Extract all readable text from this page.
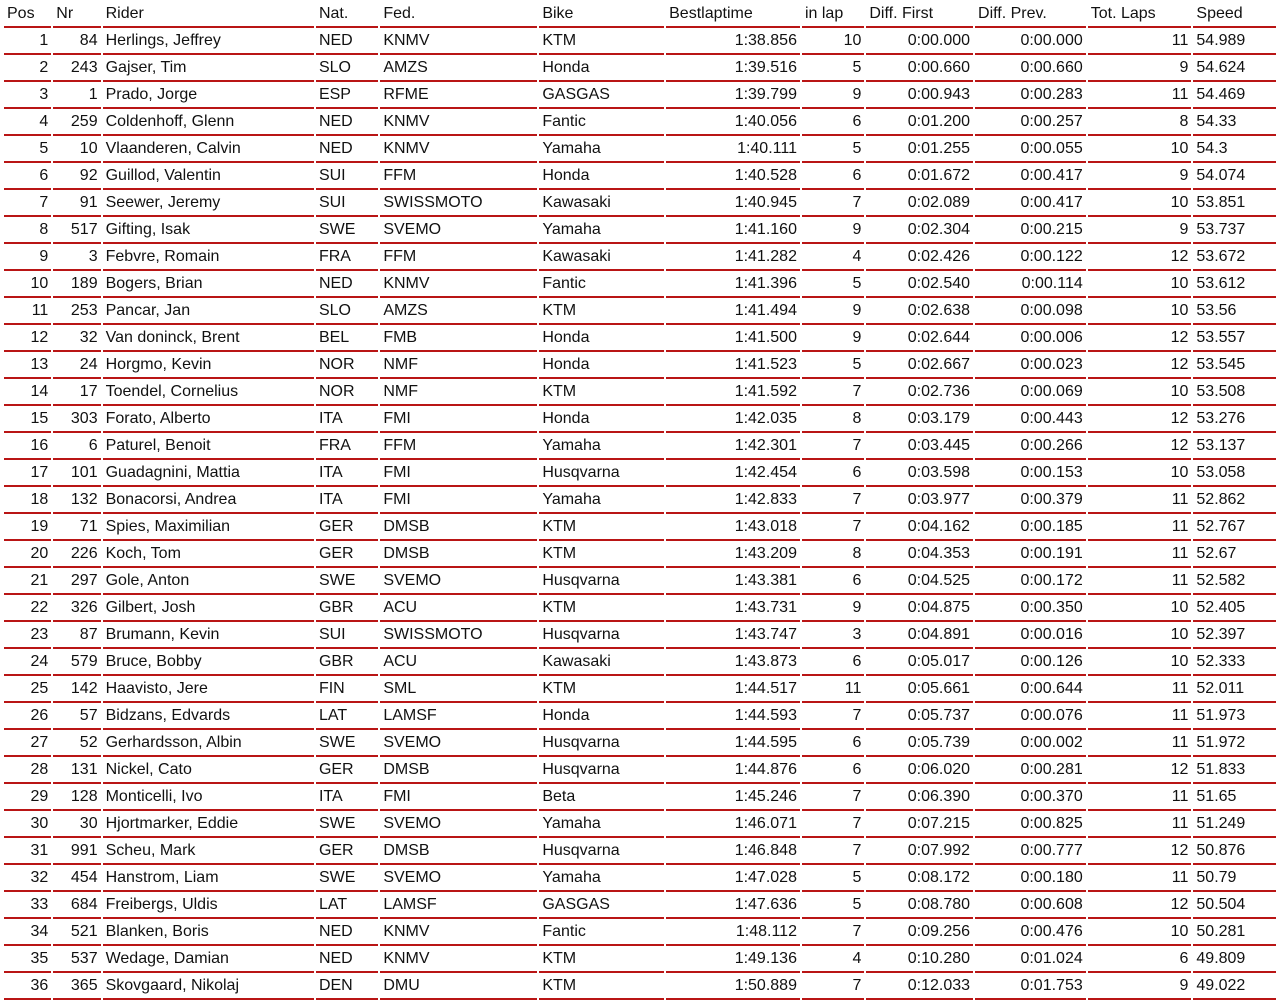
Pos	Nr	Rider	Nat.	Fed.	Bike	Bestlaptime	in lap	Diff. First	Diff. Prev.	Tot. Laps	Speed
1	84	Herlings, Jeffrey	NED	KNMV	KTM	1:38.856	10	0:00.000	0:00.000	11	54.989
2	243	Gajser, Tim	SLO	AMZS	Honda	1:39.516	5	0:00.660	0:00.660	9	54.624
3	1	Prado, Jorge	ESP	RFME	GASGAS	1:39.799	9	0:00.943	0:00.283	11	54.469
4	259	Coldenhoff, Glenn	NED	KNMV	Fantic	1:40.056	6	0:01.200	0:00.257	8	54.33
5	10	Vlaanderen, Calvin	NED	KNMV	Yamaha	1:40.111	5	0:01.255	0:00.055	10	54.3
6	92	Guillod, Valentin	SUI	FFM	Honda	1:40.528	6	0:01.672	0:00.417	9	54.074
7	91	Seewer, Jeremy	SUI	SWISSMOTO	Kawasaki	1:40.945	7	0:02.089	0:00.417	10	53.851
8	517	Gifting, Isak	SWE	SVEMO	Yamaha	1:41.160	9	0:02.304	0:00.215	9	53.737
9	3	Febvre, Romain	FRA	FFM	Kawasaki	1:41.282	4	0:02.426	0:00.122	12	53.672
10	189	Bogers, Brian	NED	KNMV	Fantic	1:41.396	5	0:02.540	0:00.114	10	53.612
11	253	Pancar, Jan	SLO	AMZS	KTM	1:41.494	9	0:02.638	0:00.098	10	53.56
12	32	Van doninck, Brent	BEL	FMB	Honda	1:41.500	9	0:02.644	0:00.006	12	53.557
13	24	Horgmo, Kevin	NOR	NMF	Honda	1:41.523	5	0:02.667	0:00.023	12	53.545
14	17	Toendel, Cornelius	NOR	NMF	KTM	1:41.592	7	0:02.736	0:00.069	10	53.508
15	303	Forato, Alberto	ITA	FMI	Honda	1:42.035	8	0:03.179	0:00.443	12	53.276
16	6	Paturel, Benoit	FRA	FFM	Yamaha	1:42.301	7	0:03.445	0:00.266	12	53.137
17	101	Guadagnini, Mattia	ITA	FMI	Husqvarna	1:42.454	6	0:03.598	0:00.153	10	53.058
18	132	Bonacorsi, Andrea	ITA	FMI	Yamaha	1:42.833	7	0:03.977	0:00.379	11	52.862
19	71	Spies, Maximilian	GER	DMSB	KTM	1:43.018	7	0:04.162	0:00.185	11	52.767
20	226	Koch, Tom	GER	DMSB	KTM	1:43.209	8	0:04.353	0:00.191	11	52.67
21	297	Gole, Anton	SWE	SVEMO	Husqvarna	1:43.381	6	0:04.525	0:00.172	11	52.582
22	326	Gilbert, Josh	GBR	ACU	KTM	1:43.731	9	0:04.875	0:00.350	10	52.405
23	87	Brumann, Kevin	SUI	SWISSMOTO	Husqvarna	1:43.747	3	0:04.891	0:00.016	10	52.397
24	579	Bruce, Bobby	GBR	ACU	Kawasaki	1:43.873	6	0:05.017	0:00.126	10	52.333
25	142	Haavisto, Jere	FIN	SML	KTM	1:44.517	11	0:05.661	0:00.644	11	52.011
26	57	Bidzans, Edvards	LAT	LAMSF	Honda	1:44.593	7	0:05.737	0:00.076	11	51.973
27	52	Gerhardsson, Albin	SWE	SVEMO	Husqvarna	1:44.595	6	0:05.739	0:00.002	11	51.972
28	131	Nickel, Cato	GER	DMSB	Husqvarna	1:44.876	6	0:06.020	0:00.281	12	51.833
29	128	Monticelli, Ivo	ITA	FMI	Beta	1:45.246	7	0:06.390	0:00.370	11	51.65
30	30	Hjortmarker, Eddie	SWE	SVEMO	Yamaha	1:46.071	7	0:07.215	0:00.825	11	51.249
31	991	Scheu, Mark	GER	DMSB	Husqvarna	1:46.848	7	0:07.992	0:00.777	12	50.876
32	454	Hanstrom, Liam	SWE	SVEMO	Yamaha	1:47.028	5	0:08.172	0:00.180	11	50.79
33	684	Freibergs, Uldis	LAT	LAMSF	GASGAS	1:47.636	5	0:08.780	0:00.608	12	50.504
34	521	Blanken, Boris	NED	KNMV	Fantic	1:48.112	7	0:09.256	0:00.476	10	50.281
35	537	Wedage, Damian	NED	KNMV	KTM	1:49.136	4	0:10.280	0:01.024	6	49.809
36	365	Skovgaard, Nikolaj	DEN	DMU	KTM	1:50.889	7	0:12.033	0:01.753	9	49.022
